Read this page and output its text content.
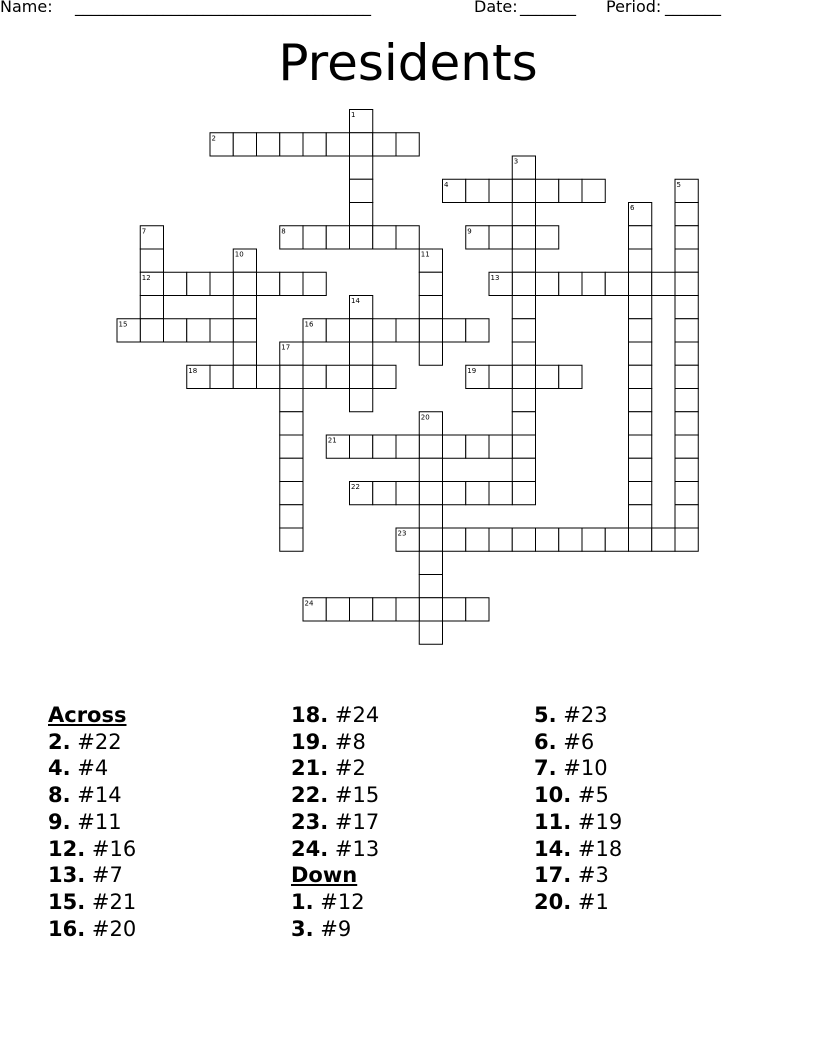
Name: _____________________________________	Date:
_______ Period:
_______
Presidents
1
2
3
4	5
6
7	8	9
10	11
12	13
14
15	16
17
18	19
20
21
22
23
24
Across
2. #22
4. #4
8. #14
9. #11
12. #16
13. #7
15. #21
16. #20
18. #24
19. #8
21. #2
22. #15
23. #17
24. #13
Down
1. #12
3. #9
5. #23
6. #6
7. #10
10. #5
11. #19
14. #18
17. #3
20. #1
